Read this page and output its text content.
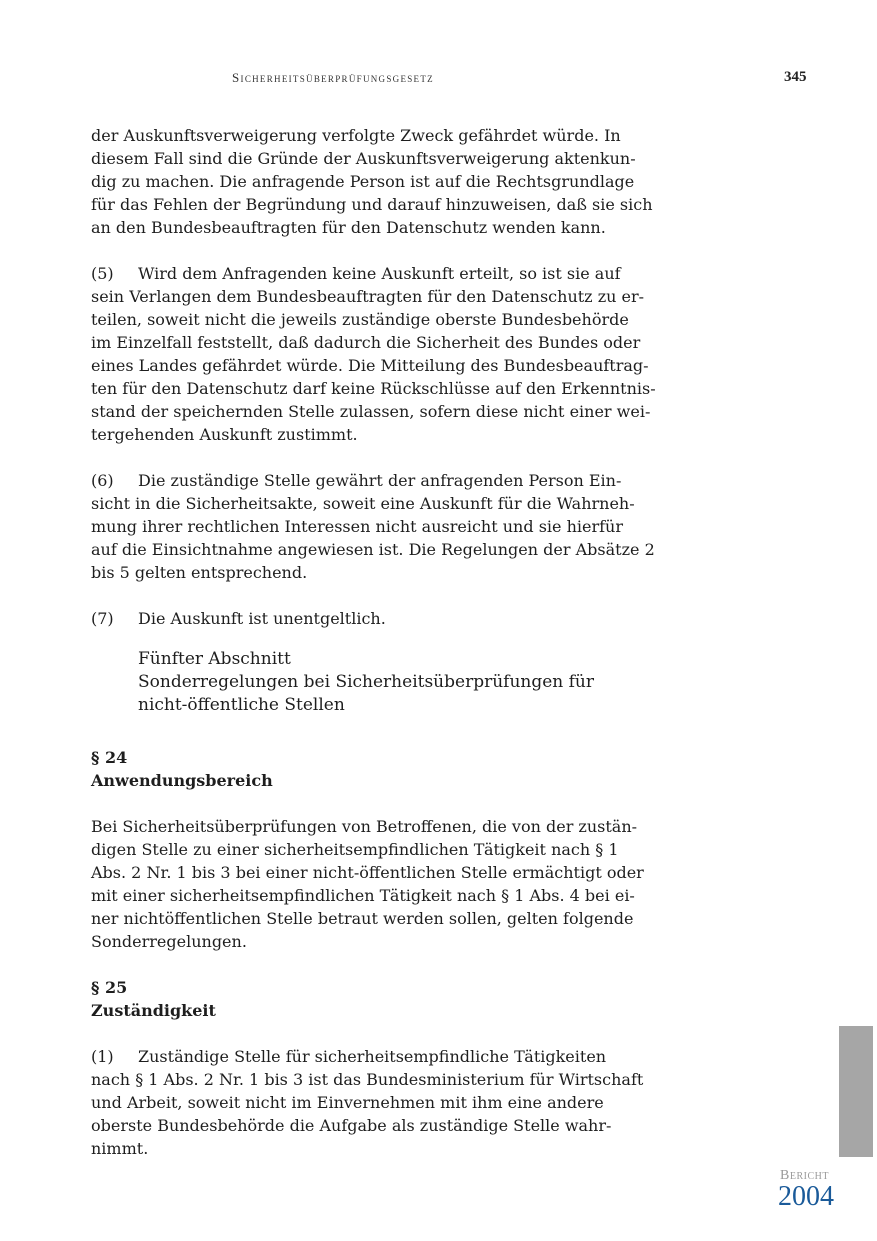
Sicherheitsüberprüfungsgesetz	345
der Auskunftsverweigerung verfolgte Zweck gefährdet würde. In
diesem Fall sind die Gründe der Auskunftsverweigerung aktenkun-
dig zu machen. Die anfragende Person ist auf die Rechtsgrundlage
für das Fehlen der Begründung und darauf hinzuweisen, daß sie sich
an den Bundesbeauftragten für den Datenschutz wenden kann.
(5) Wird dem Anfragenden keine Auskunft erteilt, so ist sie auf
sein Verlangen dem Bundesbeauftragten für den Datenschutz zu er-
teilen, soweit nicht die jeweils zuständige oberste Bundesbehörde
im Einzelfall feststellt, daß dadurch die Sicherheit des Bundes oder
eines Landes gefährdet würde. Die Mitteilung des Bundesbeauftrag-
ten für den Datenschutz darf keine Rückschlüsse auf den Erkenntnis-
stand der speichernden Stelle zulassen, sofern diese nicht einer wei-
tergehenden Auskunft zustimmt.
(6) Die zuständige Stelle gewährt der anfragenden Person Ein-
sicht in die Sicherheitsakte, soweit eine Auskunft für die Wahrneh-
mung ihrer rechtlichen Interessen nicht ausreicht und sie hierfür
auf die Einsichtnahme angewiesen ist. Die Regelungen der Absätze 2
bis 5 gelten entsprechend.
(7) Die Auskunft ist unentgeltlich.
Fünfter Abschnitt
Sonderregelungen bei Sicherheitsüberprüfungen für
nicht-öffentliche Stellen
§ 24
Anwendungsbereich
Bei Sicherheitsüberprüfungen von Betroffenen, die von der zustän-
digen Stelle zu einer sicherheitsempfindlichen Tätigkeit nach § 1
Abs. 2 Nr. 1 bis 3 bei einer nicht-öffentlichen Stelle ermächtigt oder
mit einer sicherheitsempfindlichen Tätigkeit nach § 1 Abs. 4 bei ei-
ner nichtöffentlichen Stelle betraut werden sollen, gelten folgende
Sonderregelungen.
§ 25
Zuständigkeit
(1) Zuständige Stelle für sicherheitsempfindliche Tätigkeiten
nach § 1 Abs. 2 Nr. 1 bis 3 ist das Bundesministerium für Wirtschaft
und Arbeit, soweit nicht im Einvernehmen mit ihm eine andere
oberste Bundesbehörde die Aufgabe als zuständige Stelle wahr-
nimmt.
Bericht
2004
